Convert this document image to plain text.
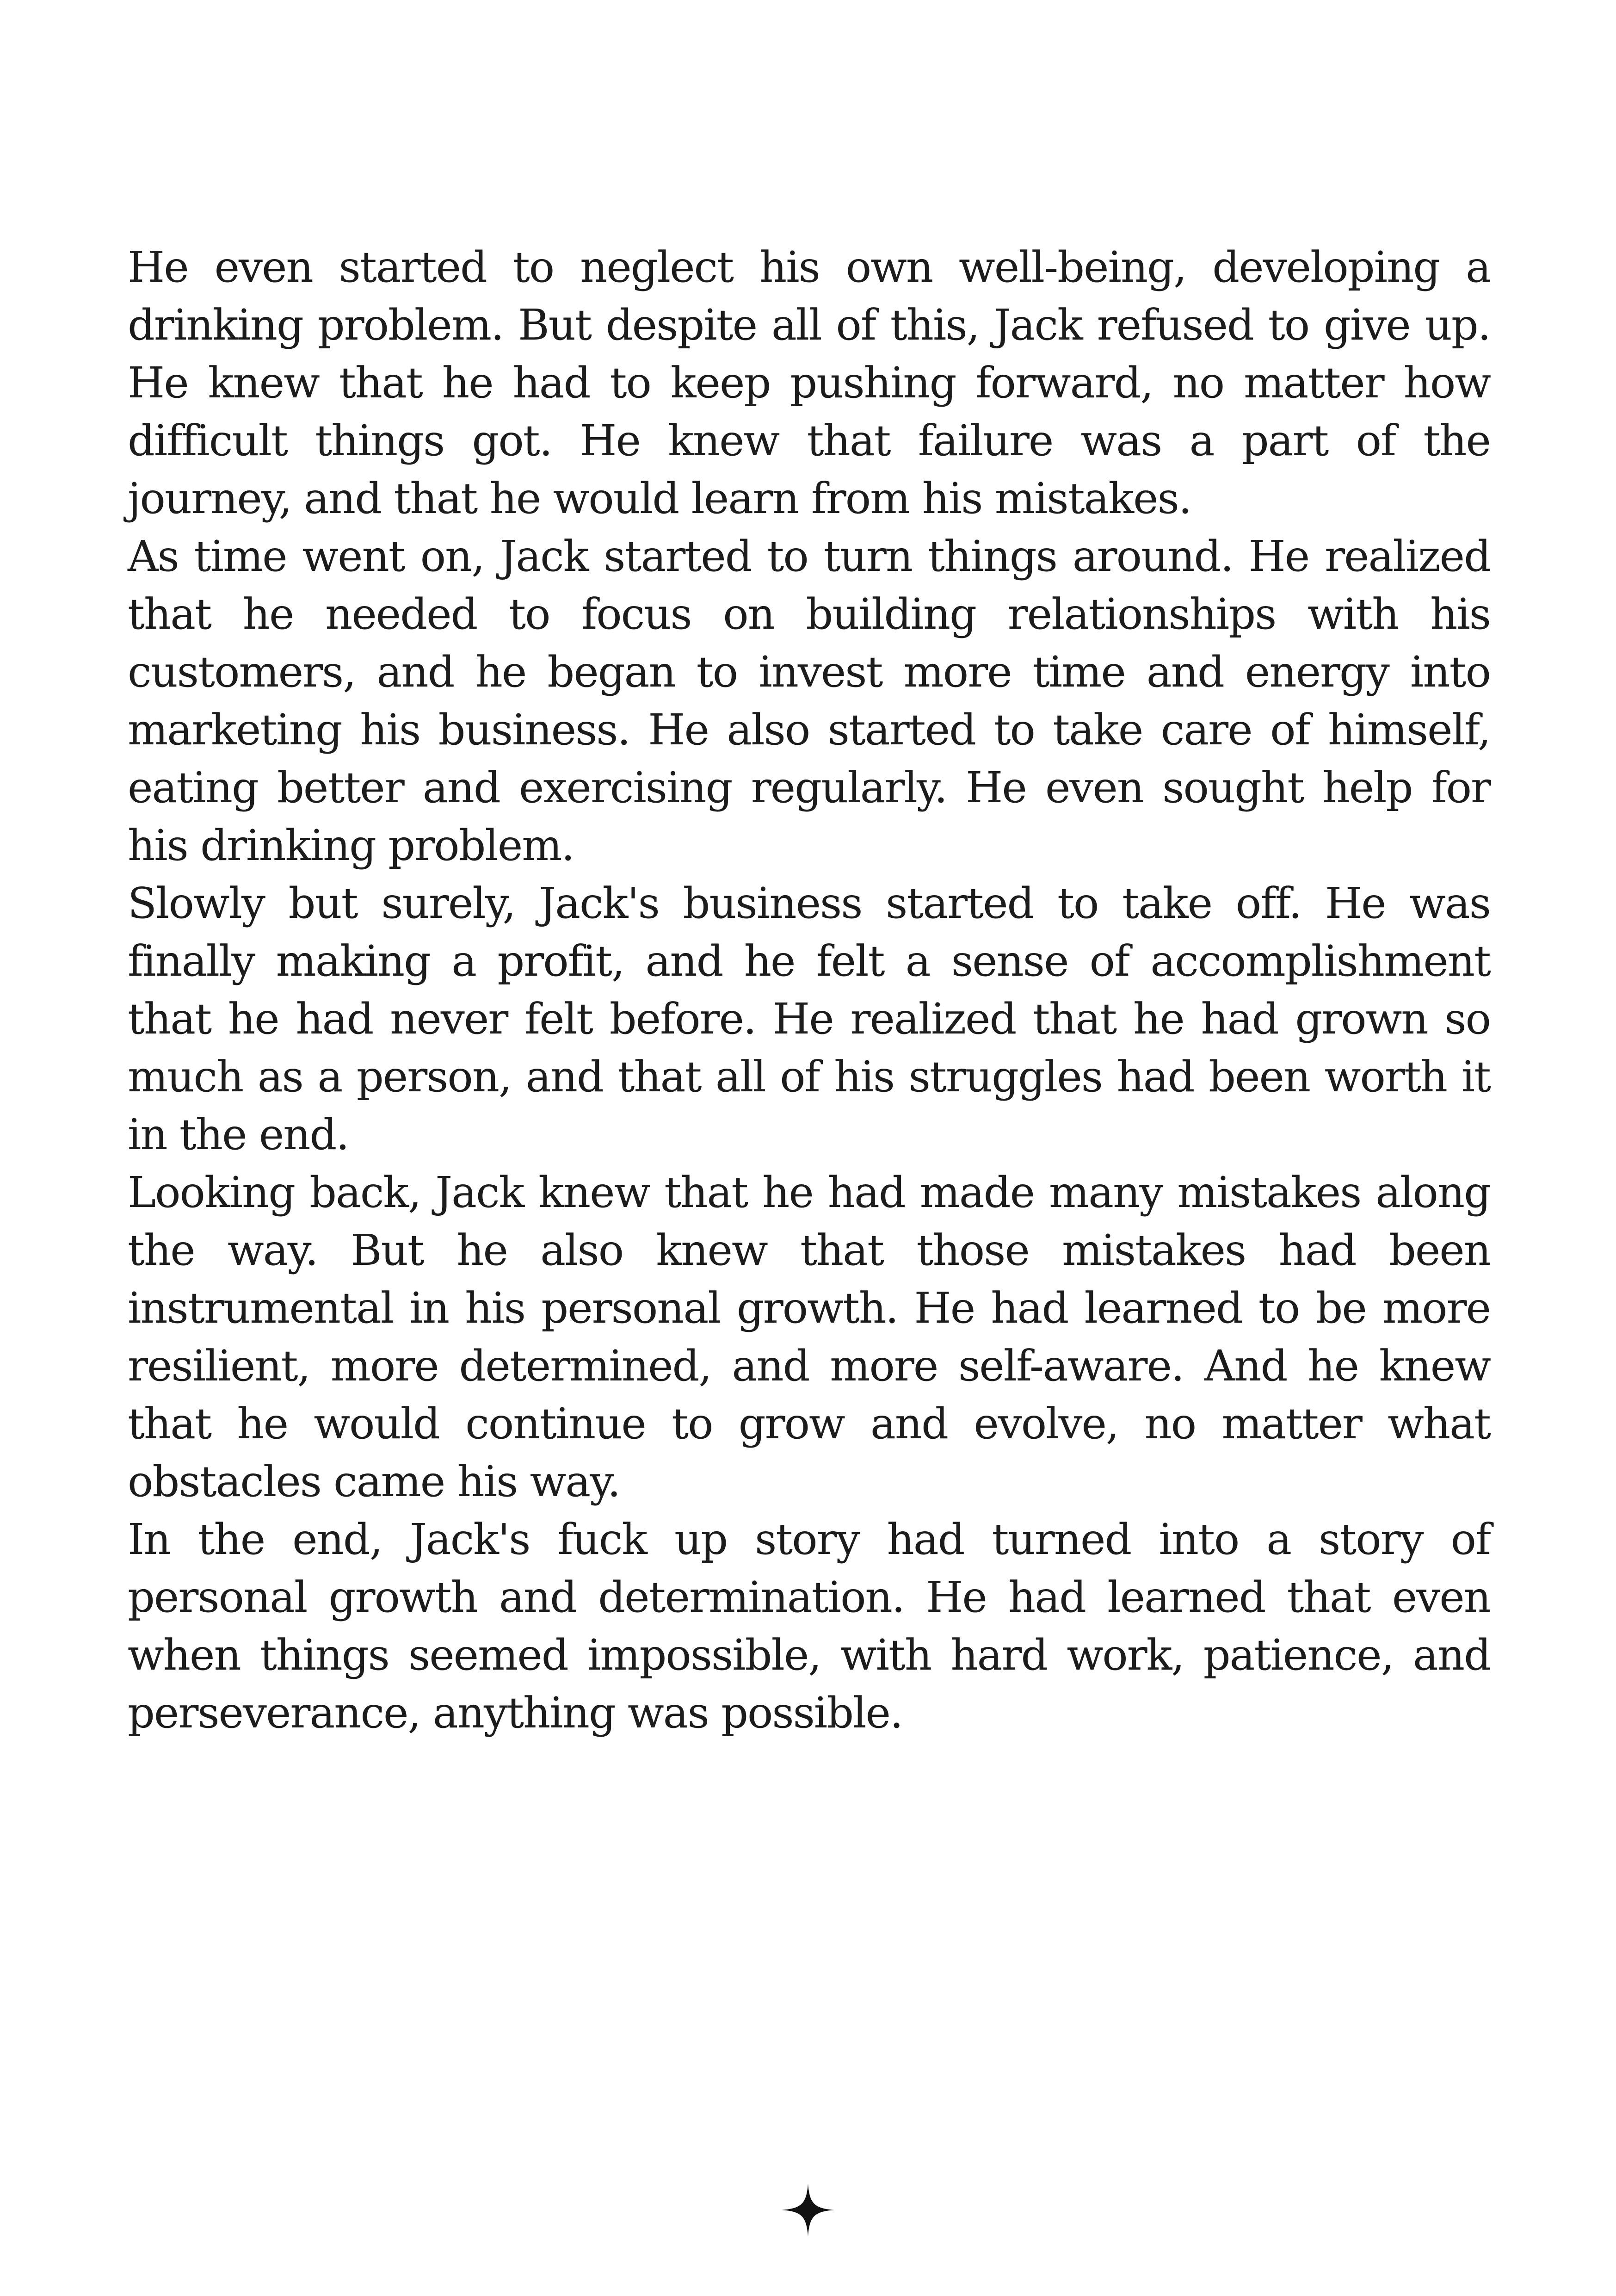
He even started to neglect his own well-being, developing a drinking problem. But despite all of this, Jack refused to give up. He knew that he had to keep pushing forward, no matter how difficult things got. He knew that failure was a part of the journey, and that he would learn from his mistakes.

As time went on, Jack started to turn things around. He realized that he needed to focus on building relationships with his customers, and he began to invest more time and energy into marketing his business. He also started to take care of himself, eating better and exercising regularly. He even sought help for his drinking problem.

Slowly but surely, Jack's business started to take off. He was finally making a profit, and he felt a sense of accomplishment that he had never felt before. He realized that he had grown so much as a person, and that all of his struggles had been worth it in the end.

Looking back, Jack knew that he had made many mistakes along the way. But he also knew that those mistakes had been instrumental in his personal growth. He had learned to be more resilient, more determined, and more self-aware. And he knew that he would continue to grow and evolve, no matter what obstacles came his way.

In the end, Jack's fuck up story had turned into a story of personal growth and determination. He had learned that even when things seemed impossible, with hard work, patience, and perseverance, anything was possible.
